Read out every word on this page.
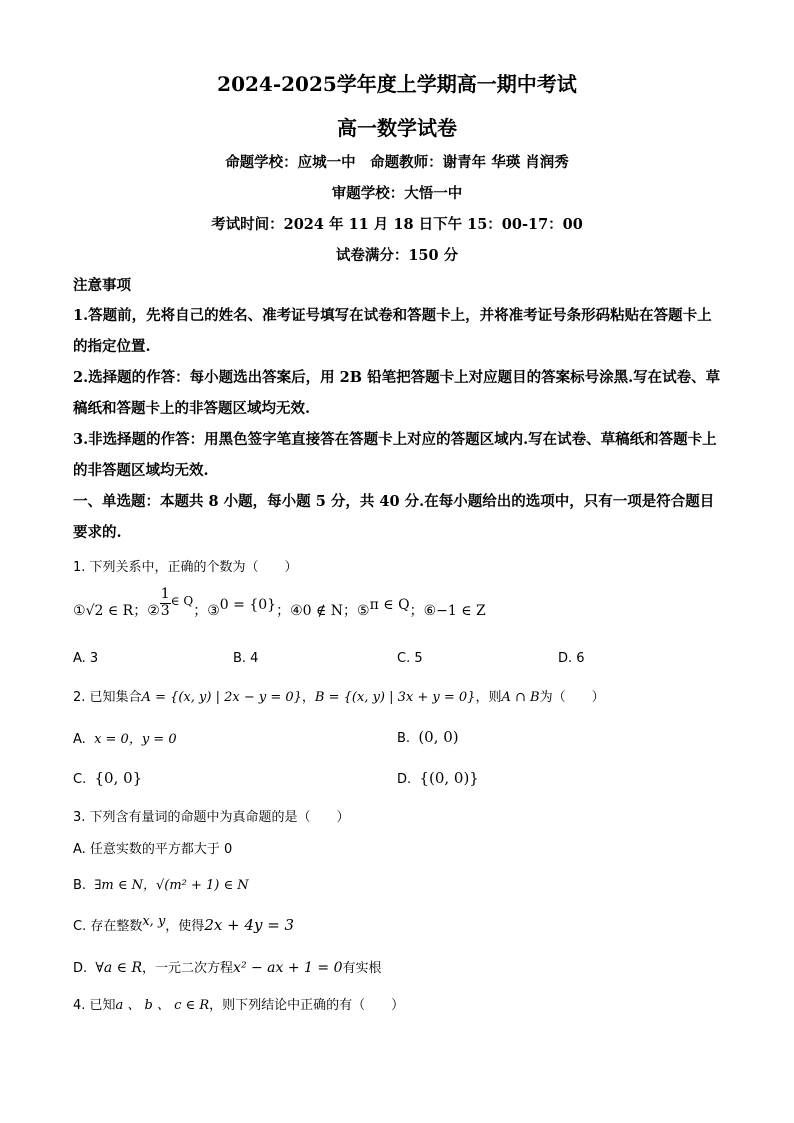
2024-2025学年度上学期高一期中考试
高一数学试卷
命题学校：应城一中　命题教师：谢青年 华瑛 肖润秀
审题学校：大悟一中
考试时间：2024 年 11 月 18 日下午 15：00-17：00
试卷满分：150 分
注意事项
1.答题前，先将自己的姓名、准考证号填写在试卷和答题卡上，并将准考证号条形码粘贴在答题卡上的指定位置.
2.选择题的作答：每小题选出答案后，用 2B 铅笔把答题卡上对应题目的答案标号涂黑.写在试卷、草稿纸和答题卡上的非答题区域均无效.
3.非选择题的作答：用黑色签字笔直接答在答题卡上对应的答题区域内.写在试卷、草稿纸和答题卡上的非答题区域均无效.
一、单选题：本题共 8 小题，每小题 5 分，共 40 分.在每小题给出的选项中，只有一项是符合题目要求的.
1. 下列关系中，正确的个数为（　　）
①√2 ∈ R；② $\frac{1}{3}$ ∈ Q；③0 = {0}；④0 ∉ N；⑤π ∈ Q；⑥−1 ∈ Z
A. 3	B. 4	C. 5	D. 6
2. 已知集合A = {(x, y) | 2x − y = 0}，B = {(x, y) | 3x + y = 0}，则A ∩ B为（　　）
A. x = 0，y = 0	B. (0, 0)
C. {0, 0}	D. {(0, 0)}
3. 下列含有量词的命题中为真命题的是（　　）
A. 任意实数的平方都大于 0
B. ∃m ∈ N，√(m² + 1) ∈ N
C. 存在整数x, y，使得2x + 4y = 3
D. ∀a ∈ R，一元二次方程x² − ax + 1 = 0有实根
4. 已知a 、 b 、 c ∈ R，则下列结论中正确的有（　　）
